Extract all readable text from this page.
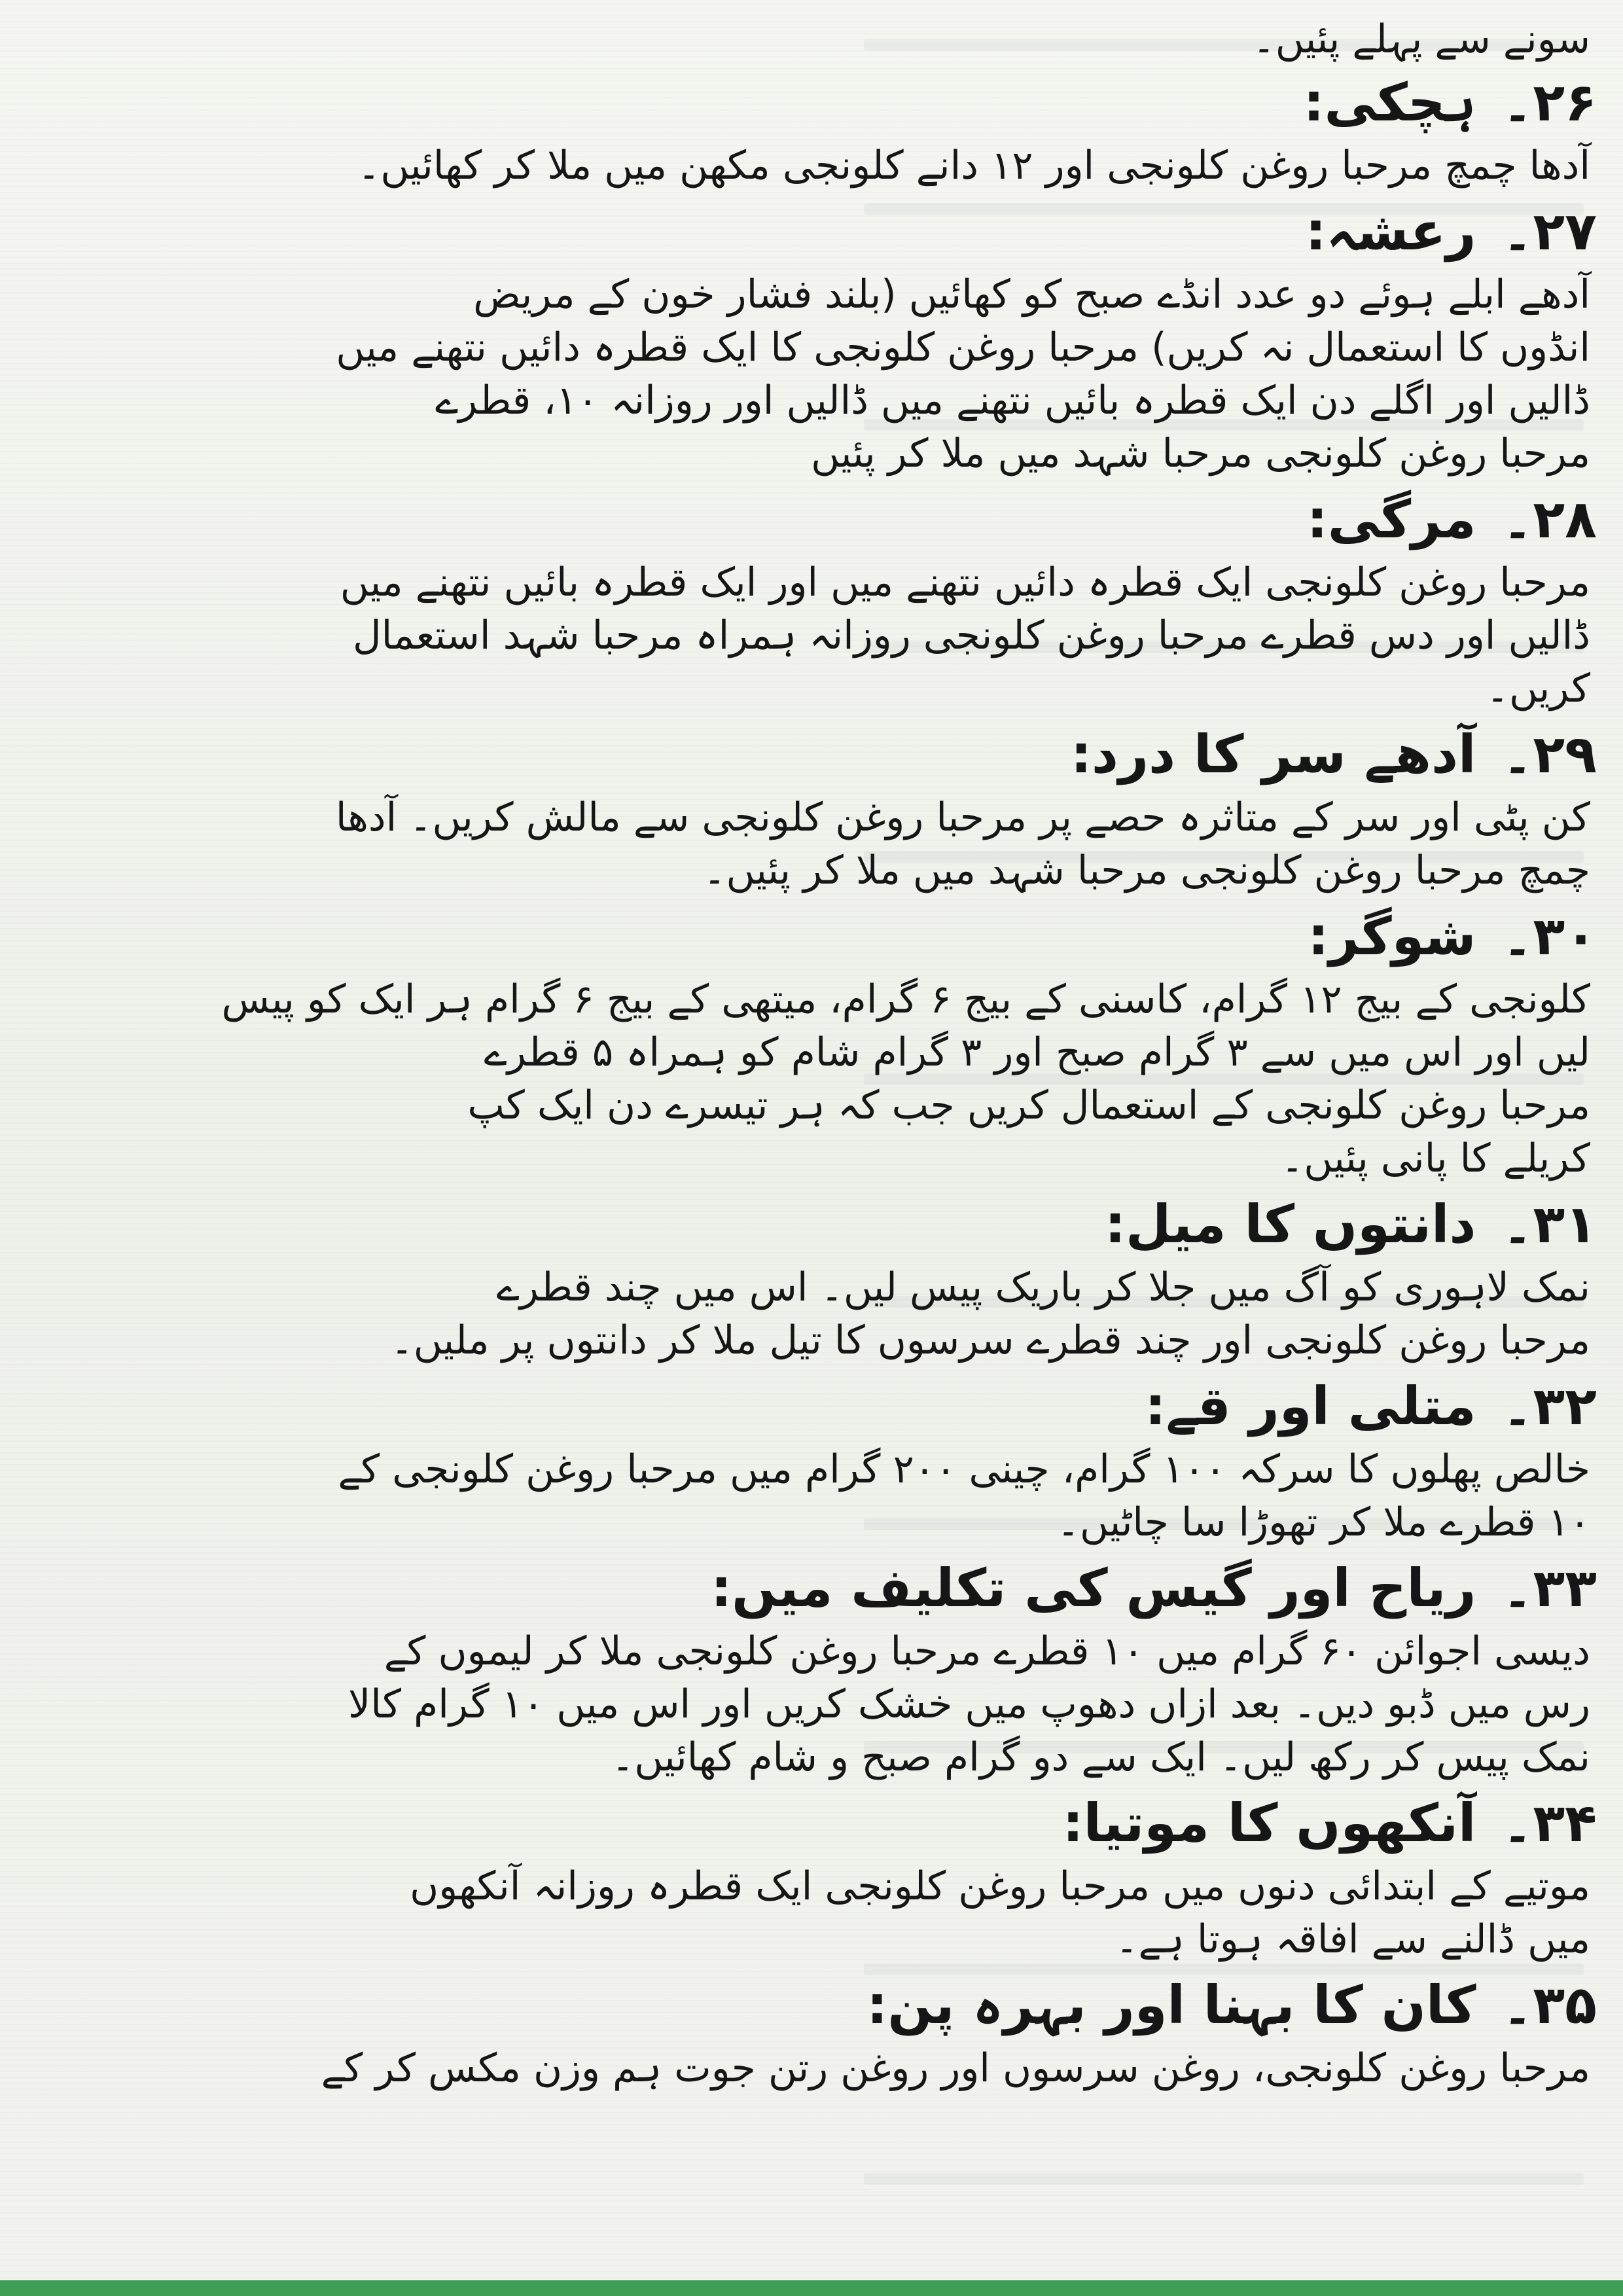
سونے سے پہلے پئیں۔

۲۶۔ہچکی:

آدھا چمچ مرحبا روغن کلونجی اور ۱۲ دانے کلونجی مکھن میں ملا کر کھائیں۔

۲۷۔رعشہ:

آدھے ابلے ہوئے دو عدد انڈے صبح کو کھائیں (بلند فشار خون کے مریض

انڈوں کا استعمال نہ کریں) مرحبا روغن کلونجی کا ایک قطرہ دائیں نتھنے میں

ڈالیں اور اگلے دن ایک قطرہ بائیں نتھنے میں ڈالیں اور روزانہ ۱۰، قطرے

مرحبا روغن کلونجی مرحبا شہد میں ملا کر پئیں

۲۸۔مرگی:

مرحبا روغن کلونجی ایک قطرہ دائیں نتھنے میں اور ایک قطرہ بائیں نتھنے میں

ڈالیں اور دس قطرے مرحبا روغن کلونجی روزانہ ہمراہ مرحبا شہد استعمال

کریں۔

۲۹۔آدھے سر کا درد:

کن پٹی اور سر کے متاثرہ حصے پر مرحبا روغن کلونجی سے مالش کریں۔ آدھا

چمچ مرحبا روغن کلونجی مرحبا شہد میں ملا کر پئیں۔

۳۰۔شوگر:

کلونجی کے بیج ۱۲ گرام، کاسنی کے بیج ۶ گرام، میتھی کے بیج ۶ گرام ہر ایک کو پیس

لیں اور اس میں سے ۳ گرام صبح اور ۳ گرام شام کو ہمراہ ۵ قطرے

مرحبا روغن کلونجی کے استعمال کریں جب کہ ہر تیسرے دن ایک کپ

کریلے کا پانی پئیں۔

۳۱۔دانتوں کا میل:

نمک لاہوری کو آگ میں جلا کر باریک پیس لیں۔ اس میں چند قطرے

مرحبا روغن کلونجی اور چند قطرے سرسوں کا تیل ملا کر دانتوں پر ملیں۔

۳۲۔متلی اور قے:

خالص پھلوں کا سرکہ ۱۰۰ گرام، چینی ۲۰۰ گرام میں مرحبا روغن کلونجی کے

۱۰ قطرے ملا کر تھوڑا سا چاٹیں۔

۳۳۔ریاح اور گیس کی تکلیف میں:

دیسی اجوائن ۶۰ گرام میں ۱۰ قطرے مرحبا روغن کلونجی ملا کر لیموں کے

رس میں ڈبو دیں۔ بعد ازاں دھوپ میں خشک کریں اور اس میں ۱۰ گرام کالا

نمک پیس کر رکھ لیں۔ ایک سے دو گرام صبح و شام کھائیں۔

۳۴۔آنکھوں کا موتیا:

موتیے کے ابتدائی دنوں میں مرحبا روغن کلونجی ایک قطرہ روزانہ آنکھوں

میں ڈالنے سے افاقہ ہوتا ہے۔

۳۵۔کان کا بہنا اور بہرہ پن:

مرحبا روغن کلونجی، روغن سرسوں اور روغن رتن جوت ہم وزن مکس کر کے
